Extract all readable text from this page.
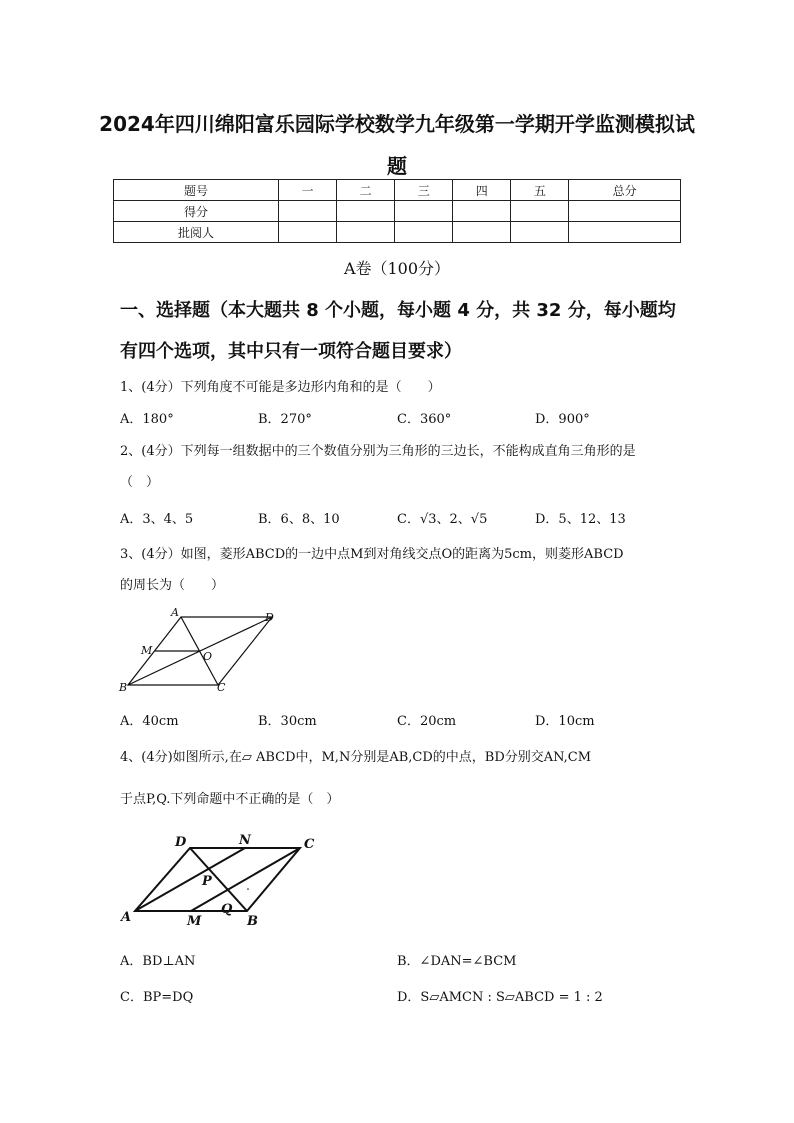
2024年四川绵阳富乐园际学校数学九年级第一学期开学监测模拟试
题
题号	一	二	三	四	五	总分
得分						
批阅人						
A卷（100分）
一、选择题（本大题共 8 个小题，每小题 4 分，共 32 分，每小题均
有四个选项，其中只有一项符合题目要求）
1、(4分）下列角度不可能是多边形内角和的是（　　）
A．180°	B．270°	C．360°	D．900°
2、(4分）下列每一组数据中的三个数值分别为三角形的三边长，不能构成直角三角形的是
（　）
A．3、4、5	B．6、8、10	C．√3、2、√5	D．5、12、13
3、(4分）如图，菱形ABCD的一边中点M到对角线交点O的距离为5cm，则菱形ABCD
的周长为（　　）
A	D
M	O
B	C
A．40cm	B．30cm	C．20cm	D．10cm
4、(4分)如图所示,在▱ ABCD中，M,N分别是AB,CD的中点，BD分别交AN,CM
于点P,Q.下列命题中不正确的是（　）
D	N	C
P
Q
A	M	B
A．BD⊥AN	B．∠DAN=∠BCM
C．BP=DQ	D．S▱AMCN : S▱ABCD = 1 : 2
